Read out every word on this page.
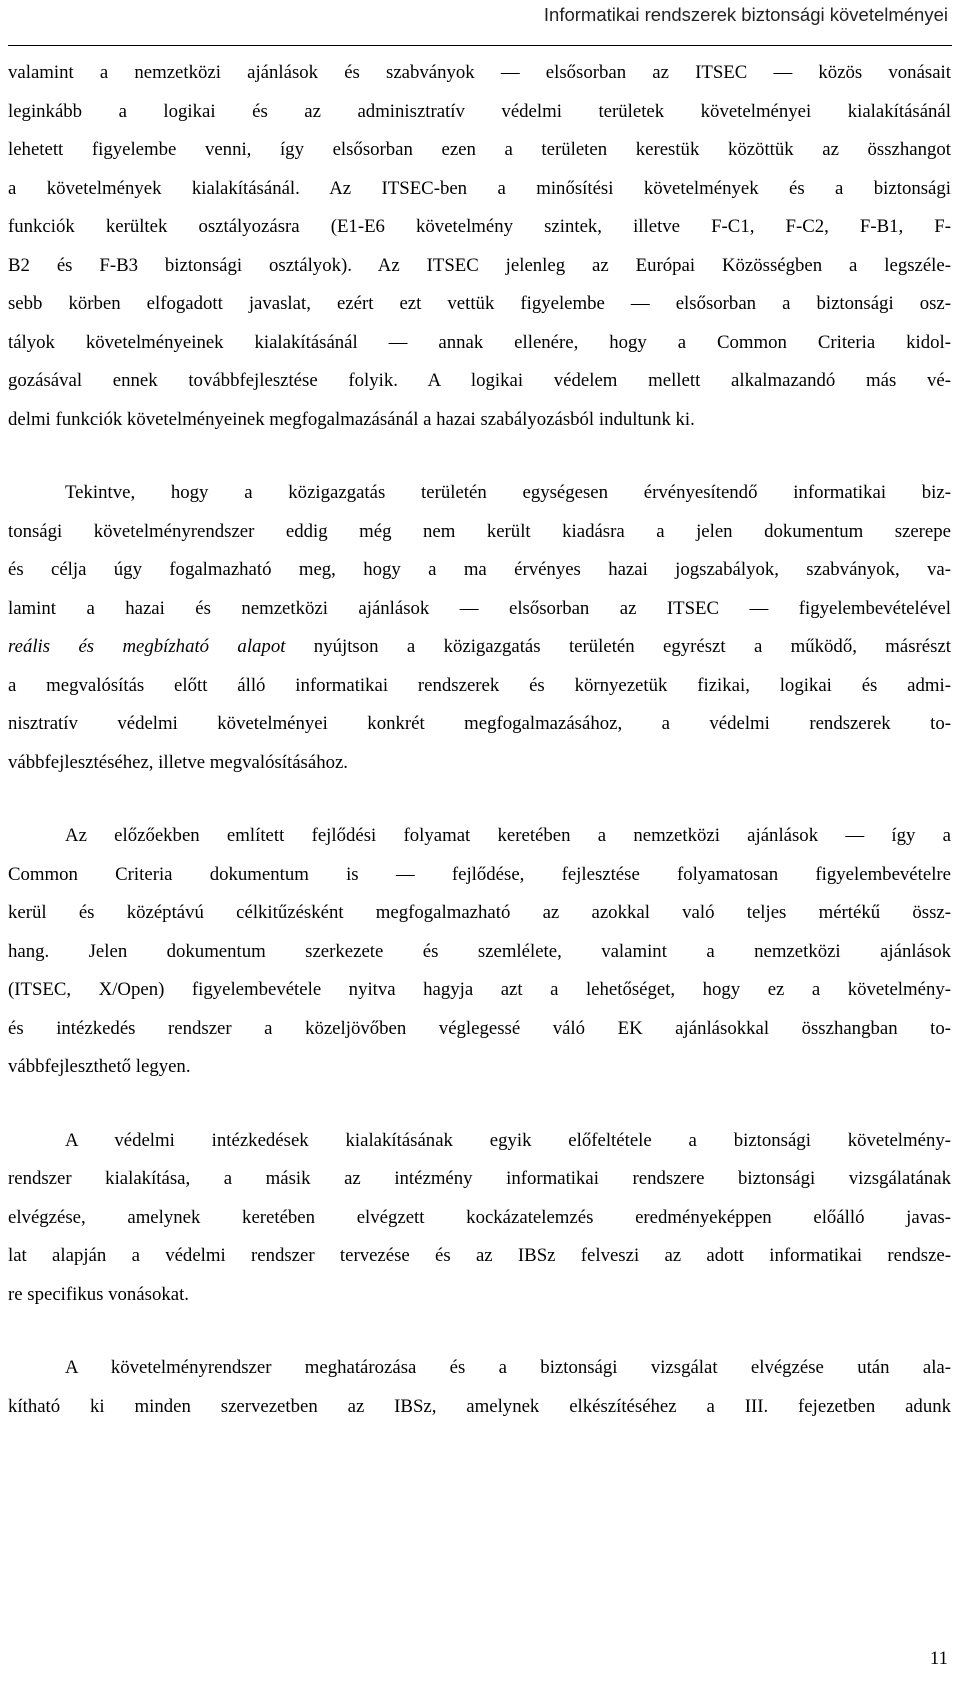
Informatikai rendszerek biztonsági követelményei
valamint a nemzetközi ajánlások és szabványok — elsősorban az ITSEC — közös vonásait
leginkább a logikai és az adminisztratív védelmi területek követelményei kialakításánál
lehetett figyelembe venni, így elsősorban ezen a területen kerestük közöttük az összhangot
a követelmények kialakításánál. Az ITSEC-ben a minősítési követelmények és a biztonsági
funkciók kerültek osztályozásra (E1-E6 követelmény szintek, illetve F-C1, F-C2, F-B1, F-
B2 és F-B3 biztonsági osztályok). Az ITSEC jelenleg az Európai Közösségben a legszéle-
sebb körben elfogadott javaslat, ezért ezt vettük figyelembe — elsősorban a biztonsági osz-
tályok követelményeinek kialakításánál — annak ellenére, hogy a Common Criteria kidol-
gozásával ennek továbbfejlesztése folyik. A logikai védelem mellett alkalmazandó más vé-
delmi funkciók követelményeinek megfogalmazásánál a hazai szabályozásból indultunk ki.
Tekintve, hogy a közigazgatás területén egységesen érvényesítendő informatikai biz-
tonsági követelményrendszer eddig még nem került kiadásra a jelen dokumentum szerepe
és célja úgy fogalmazható meg, hogy a ma érvényes hazai jogszabályok, szabványok, va-
lamint a hazai és nemzetközi ajánlások — elsősorban az ITSEC — figyelembevételével
reális és megbízható alapot nyújtson a közigazgatás területén egyrészt a működő, másrészt
a megvalósítás előtt álló informatikai rendszerek és környezetük fizikai, logikai és admi-
nisztratív védelmi követelményei konkrét megfogalmazásához, a védelmi rendszerek to-
vábbfejlesztéséhez, illetve megvalósításához.
Az előzőekben említett fejlődési folyamat keretében a nemzetközi ajánlások — így a
Common Criteria dokumentum is — fejlődése, fejlesztése folyamatosan figyelembevételre
kerül és középtávú célkitűzésként megfogalmazható az azokkal való teljes mértékű össz-
hang. Jelen dokumentum szerkezete és szemlélete, valamint a nemzetközi ajánlások
(ITSEC, X/Open) figyelembevétele nyitva hagyja azt a lehetőséget, hogy ez a követelmény-
és intézkedés rendszer a közeljövőben véglegessé váló EK ajánlásokkal összhangban to-
vábbfejleszthető legyen.
A védelmi intézkedések kialakításának egyik előfeltétele a biztonsági követelmény-
rendszer kialakítása, a másik az intézmény informatikai rendszere biztonsági vizsgálatának
elvégzése, amelynek keretében elvégzett kockázatelemzés eredményeképpen előálló javas-
lat alapján a védelmi rendszer tervezése és az IBSz felveszi az adott informatikai rendsze-
re specifikus vonásokat.
A követelményrendszer meghatározása és a biztonsági vizsgálat elvégzése után ala-
kítható ki minden szervezetben az IBSz, amelynek elkészítéséhez a III. fejezetben adunk
11
